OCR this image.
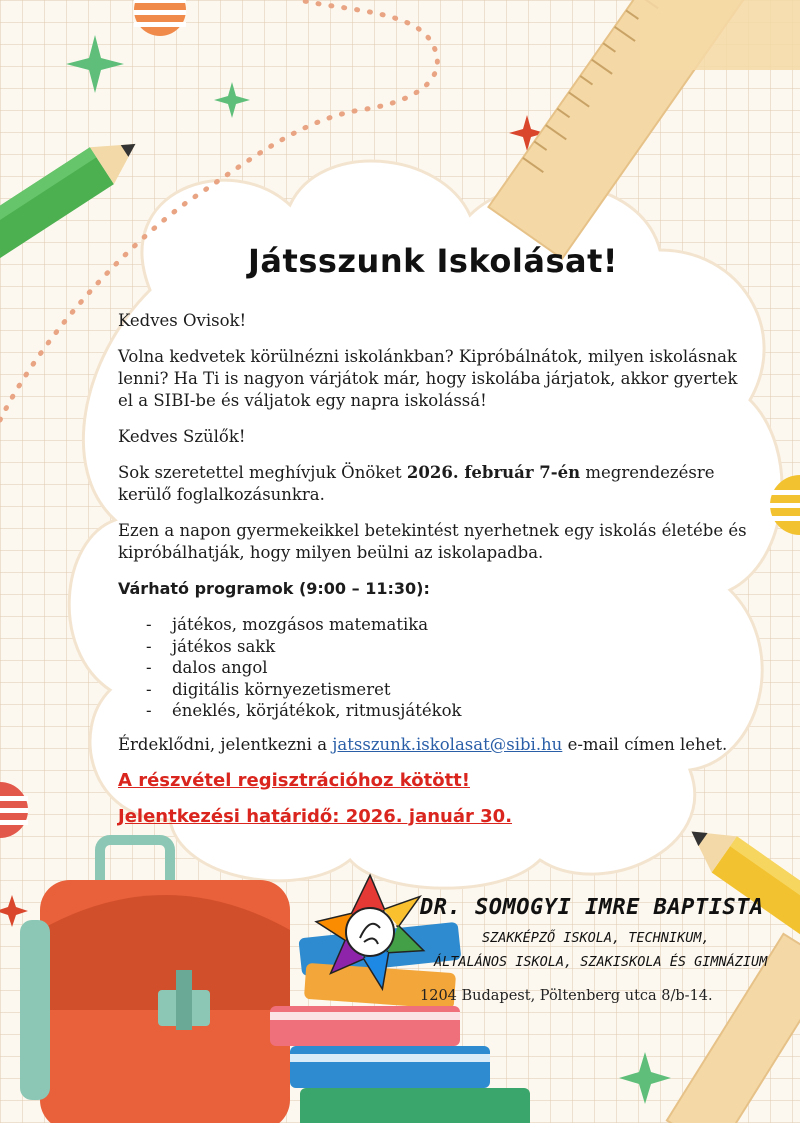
Játsszunk Iskolásat!

Kedves Ovisok!

Volna kedvetek körülnézni iskolánkban? Kipróbálnátok, milyen iskolásnak lenni? Ha Ti is nagyon várjátok már, hogy iskolába járjatok, akkor gyertek el a SIBI-be és váljatok egy napra iskolássá!

Kedves Szülők!

Sok szeretettel meghívjuk Önöket 2026. február 7-én megrendezésre kerülő foglalkozásunkra.

Ezen a napon gyermekeikkel betekintést nyerhetnek egy iskolás életébe és kipróbálhatják, hogy milyen beülni az iskolapadba.

Várható programok (9:00 – 11:30):

- játékos, mozgásos matematika
- játékos sakk
- dalos angol
- digitális környezetismeret
- éneklés, körjátékok, ritmusjátékok

Érdeklődni, jelentkezni a jatsszunk.iskolasat@sibi.hu e-mail címen lehet.

A részvétel regisztrációhoz kötött!

Jelentkezési határidő: 2026. január 30.

DR. SOMOGYI IMRE BAPTISTA
SZAKKÉPZŐ ISKOLA, TECHNIKUM,
ÁLTALÁNOS ISKOLA, SZAKISKOLA ÉS GIMNÁZIUM
1204 Budapest, Pöltenberg utca 8/b-14.
